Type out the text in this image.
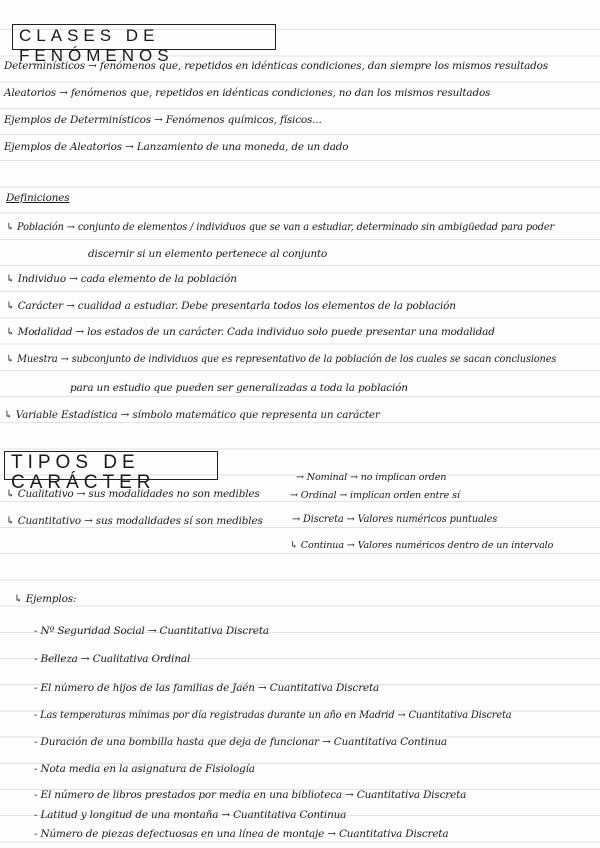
CLASES DE FENÓMENOS
Determinísticos → fenómenos que, repetidos en idénticas condiciones, dan siempre los mismos resultados
Aleatorios → fenómenos que, repetidos en idénticas condiciones, no dan los mismos resultados
Ejemplos de Determinísticos → Fenómenos químicos, físicos...
Ejemplos de Aleatorios → Lanzamiento de una moneda, de un dado
Definiciones
↳ Población → conjunto de elementos / individuos que se van a estudiar, determinado sin ambigüedad para poder
discernir si un elemento pertenece al conjunto
↳ Individuo → cada elemento de la población
↳ Carácter → cualidad a estudiar. Debe presentarla todos los elementos de la población
↳ Modalidad → los estados de un carácter. Cada individuo solo puede presentar una modalidad
↳ Muestra → subconjunto de individuos que es representativo de la población de los cuales se sacan conclusiones
para un estudio que pueden ser generalizadas a toda la población
↳ Variable Estadística → símbolo matemático que representa un carácter
TIPOS DE CARÁCTER	→ Nominal → no implican orden
↳ Cualitativo → sus modalidades no son medibles	→ Ordinal → implican orden entre sí
↳ Cuantitativo → sus modalidades sí son medibles	→ Discreta → Valores numéricos puntuales
↳ Continua → Valores numéricos dentro de un intervalo
↳ Ejemplos:
- Nº Seguridad Social → Cuantitativa Discreta
- Belleza → Cualitativa Ordinal
- El número de hijos de las familias de Jaén → Cuantitativa Discreta
- Las temperaturas mínimas por día registradas durante un año en Madrid → Cuantitativa Discreta
- Duración de una bombilla hasta que deja de funcionar → Cuantitativa Continua
- Nota media en la asignatura de Fisiología
- El número de libros prestados por media en una biblioteca → Cuantitativa Discreta
- Latitud y longitud de una montaña → Cuantitativa Continua
- Número de piezas defectuosas en una línea de montaje → Cuantitativa Discreta
